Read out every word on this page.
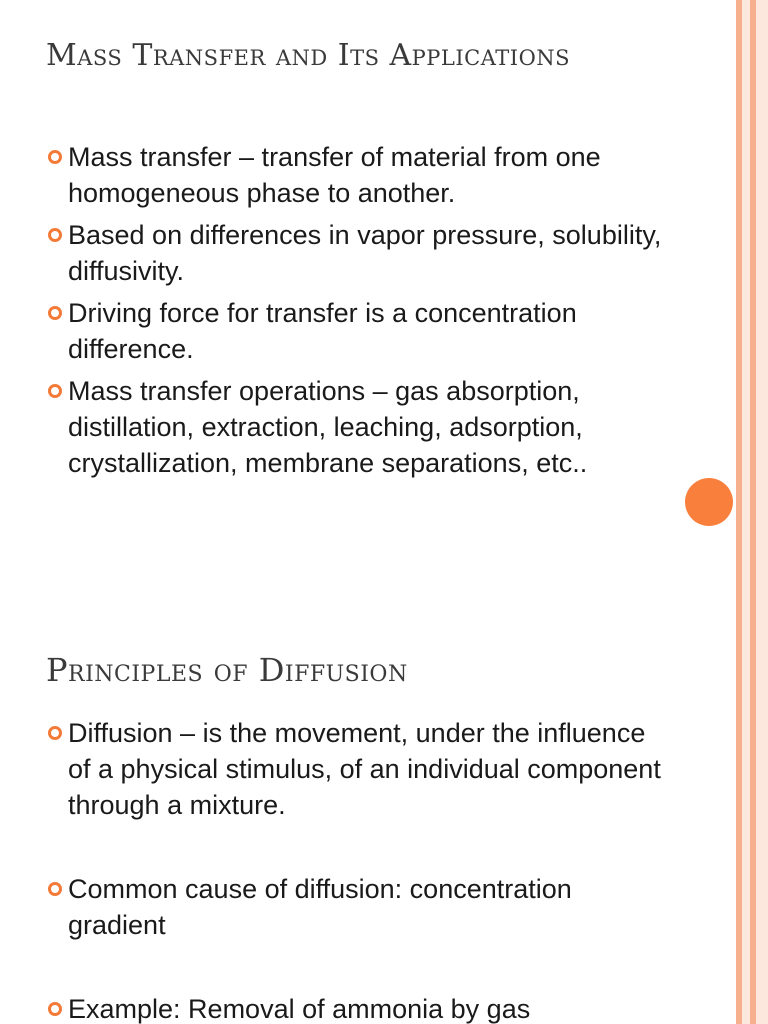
Mass Transfer and Its Applications
Mass transfer – transfer of material from one homogeneous phase to another.
Based on differences in vapor pressure, solubility, diffusivity.
Driving force for transfer is a concentration difference.
Mass transfer operations – gas absorption, distillation, extraction, leaching, adsorption, crystallization, membrane separations, etc..
Principles of Diffusion
Diffusion – is the movement, under the influence of a physical stimulus, of an individual component through a mixture.
Common cause of diffusion: concentration gradient
Example: Removal of ammonia by gas
